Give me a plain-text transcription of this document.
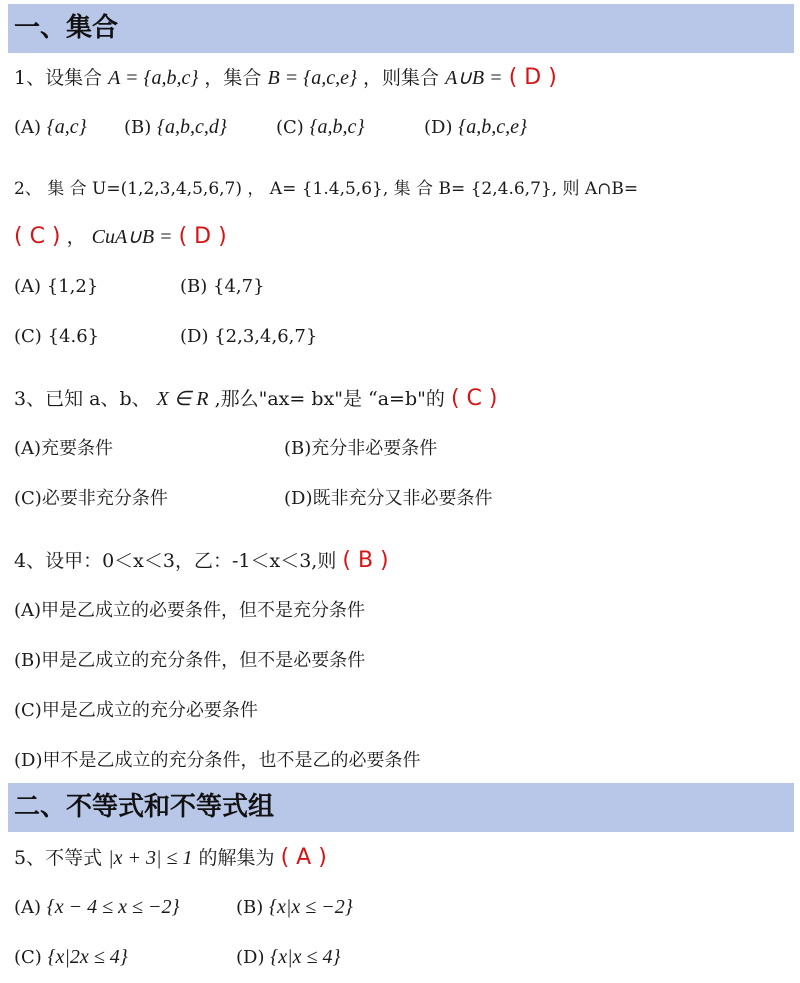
一、集合
1、设集合 A = {a,b,c} ，集合 B = {a,c,e} ，则集合 A∪B = ( D )
(A) {a,c} (B) {a,b,c,d}	(C) {a,b,c}	(D) {a,b,c,e}
2、 集 合 U=(1,2,3,4,5,6,7) ， A= {1.4,5,6}, 集 合 B= {2,4.6,7}, 则 A∩B=
( C ) ， CuA∪B = ( D )
(A) {1,2}	(B) {4,7}
(C) {4.6}	(D) {2,3,4,6,7}
3、已知 a、b、 X ∈ R ,那么"ax= bx"是 “a=b"的 ( C )
(A)充要条件	(B)充分非必要条件
(C)必要非充分条件	(D)既非充分又非必要条件
4、设甲：0＜x＜3，乙：-1＜x＜3,则 ( B )
(A)甲是乙成立的必要条件，但不是充分条件
(B)甲是乙成立的充分条件，但不是必要条件
(C)甲是乙成立的充分必要条件
(D)甲不是乙成立的充分条件，也不是乙的必要条件
二、不等式和不等式组
5、不等式 |x + 3| ≤ 1 的解集为 ( A )
(A) {x − 4 ≤ x ≤ −2}	(B) {x|x ≤ −2}
(C) {x|2x ≤ 4}	(D) {x|x ≤ 4}
